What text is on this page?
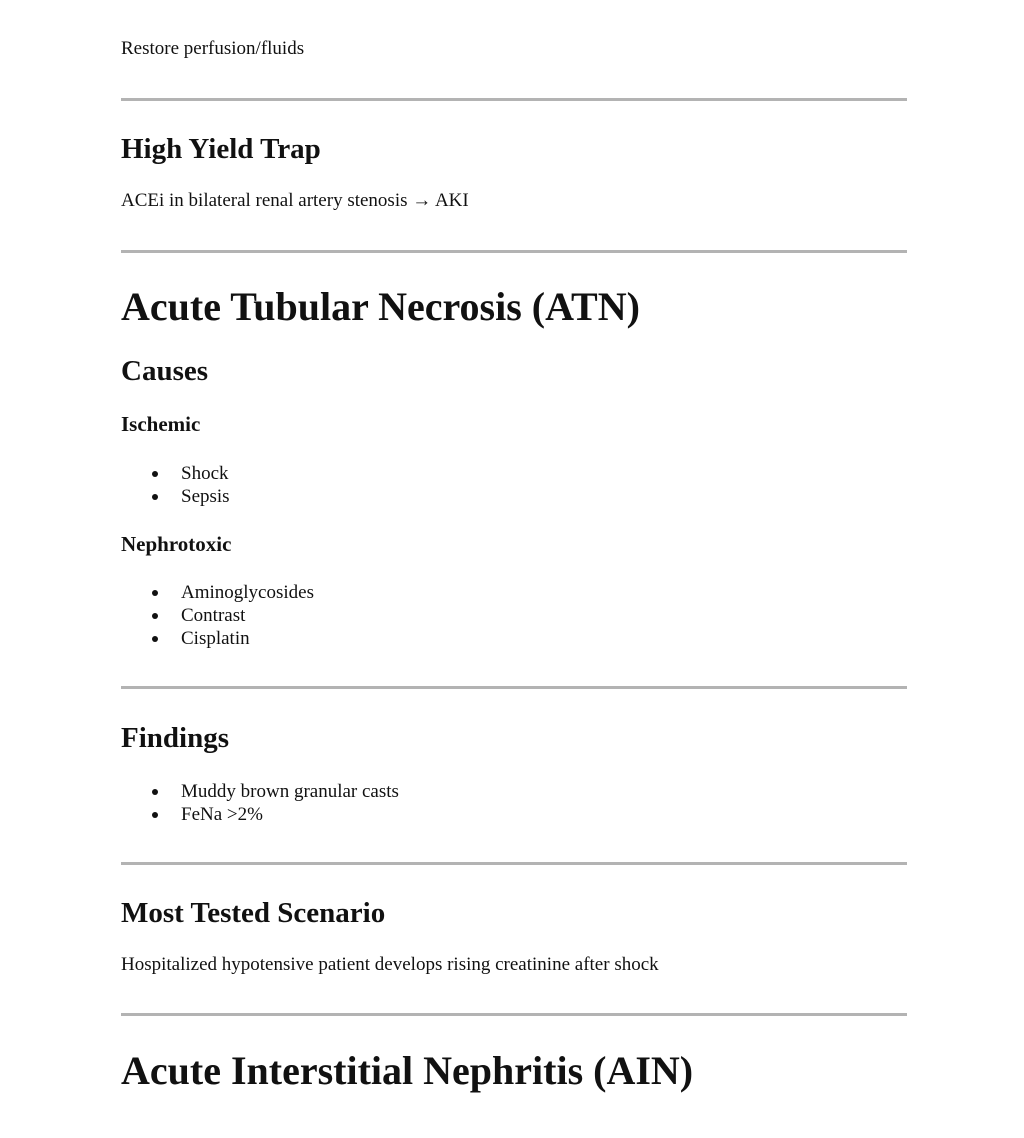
Restore perfusion/fluids

High Yield Trap

ACEi in bilateral renal artery stenosis → AKI

Acute Tubular Necrosis (ATN)
Causes
Ischemic
Shock
Sepsis
Nephrotoxic
Aminoglycosides
Contrast
Cisplatin
Findings
Muddy brown granular casts
FeNa >2%
Most Tested Scenario

Hospitalized hypotensive patient develops rising creatinine after shock

Acute Interstitial Nephritis (AIN)
